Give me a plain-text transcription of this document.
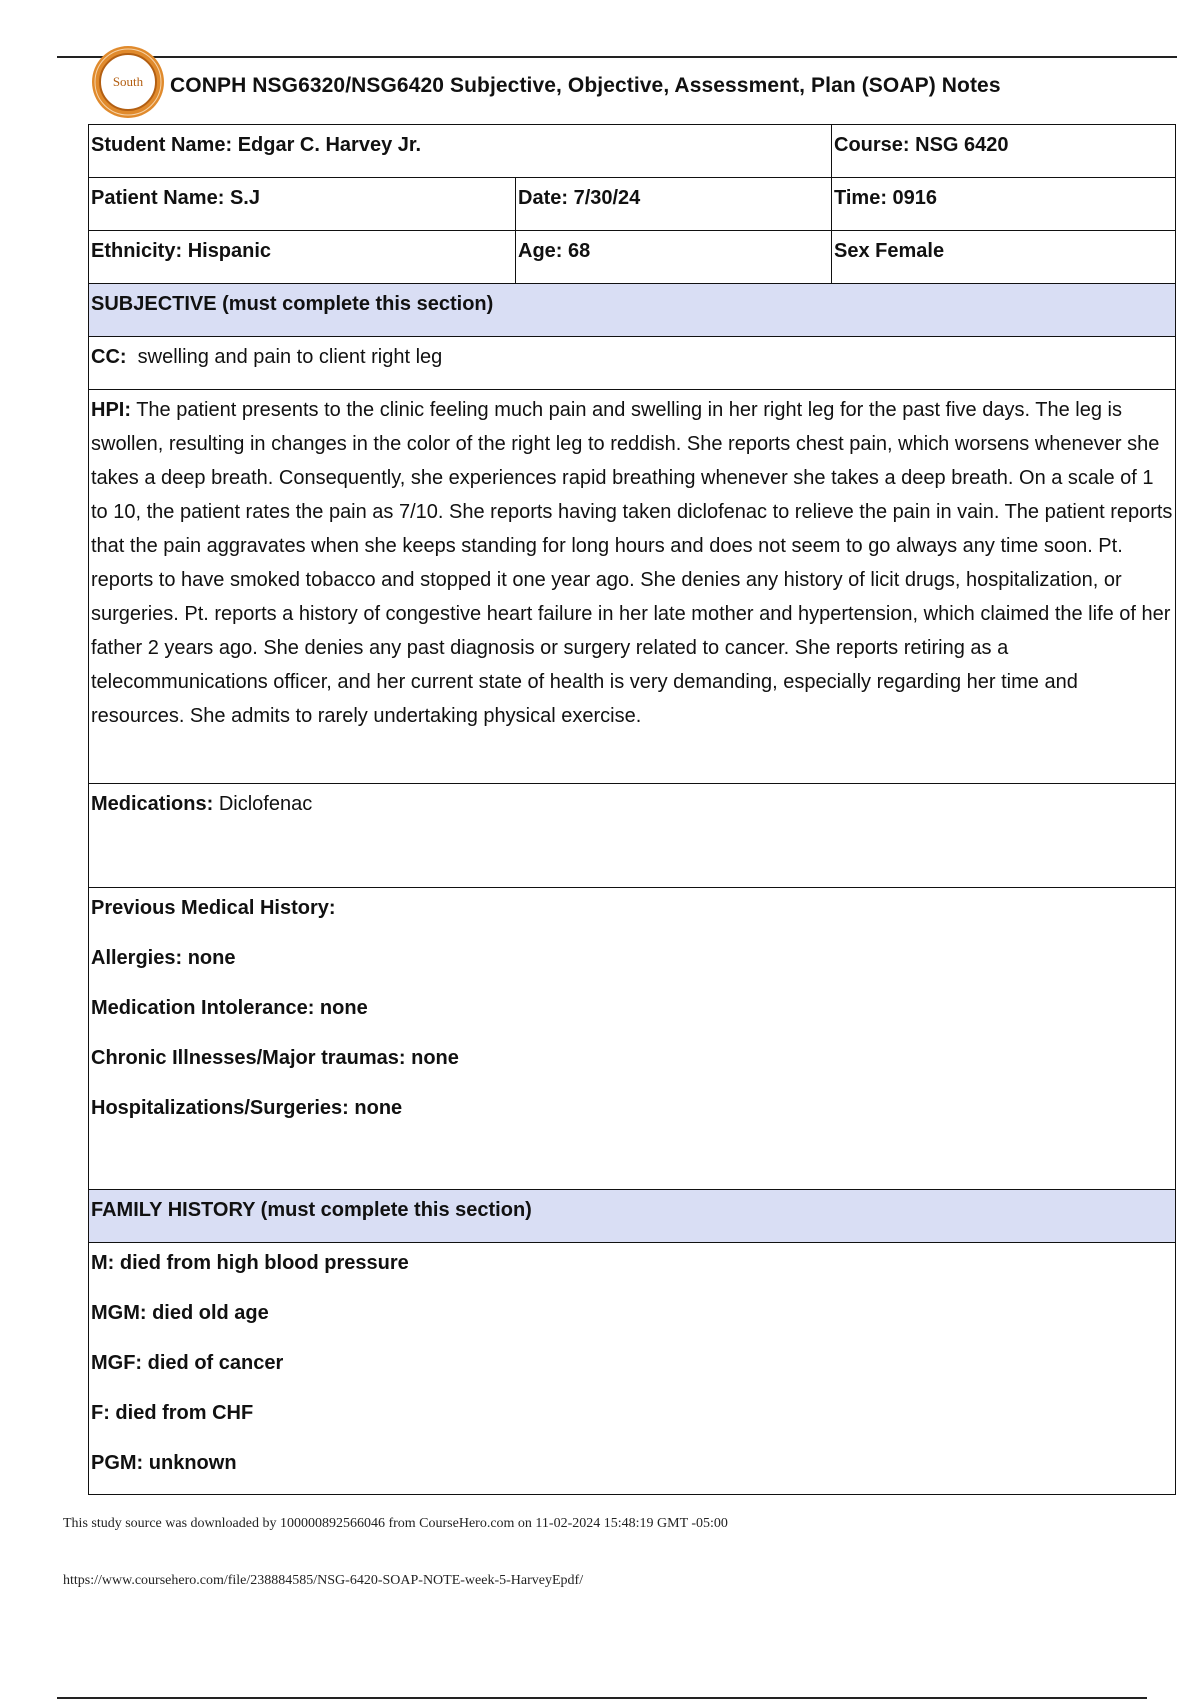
South CONPH NSG6320/NSG6420 Subjective, Objective, Assessment, Plan (SOAP) Notes
Student Name: Edgar C. Harvey Jr.		Course: NSG 6420
Patient Name: S.J	Date: 7/30/24	Time: 0916
Ethnicity: Hispanic	Age: 68	Sex Female
SUBJECTIVE (must complete this section)		
CC: swelling and pain to client right leg		
HPI: The patient presents to the clinic feeling much pain and swelling in her right leg for the past five days. The leg is swollen, resulting in changes in the color of the right leg to reddish. She reports chest pain, which worsens whenever she takes a deep breath. Consequently, she experiences rapid breathing whenever she takes a deep breath. On a scale of 1 to 10, the patient rates the pain as 7/10. She reports having taken diclofenac to relieve the pain in vain. The patient reports that the pain aggravates when she keeps standing for long hours and does not seem to go always any time soon. Pt. reports to have smoked tobacco and stopped it one year ago. She denies any history of licit drugs, hospitalization, or surgeries. Pt. reports a history of congestive heart failure in her late mother and hypertension, which claimed the life of her father 2 years ago. She denies any past diagnosis or surgery related to cancer. She reports retiring as a telecommunications officer, and her current state of health is very demanding, especially regarding her time and resources. She admits to rarely undertaking physical exercise.		
Medications: Diclofenac		

Previous Medical History:

Allergies: none

Medication Intolerance: none

Chronic Illnesses/Major traumas: none

Hospitalizations/Surgeries: none		

FAMILY HISTORY (must complete this section)		

M: died from high blood pressure

MGM: died old age

MGF: died of cancer

F: died from CHF

PGM: unknown		

This study source was downloaded by 100000892566046 from CourseHero.com on 11-02-2024 15:48:19 GMT -05:00
https://www.coursehero.com/file/238884585/NSG-6420-SOAP-NOTE-week-5-HarveyEpdf/
